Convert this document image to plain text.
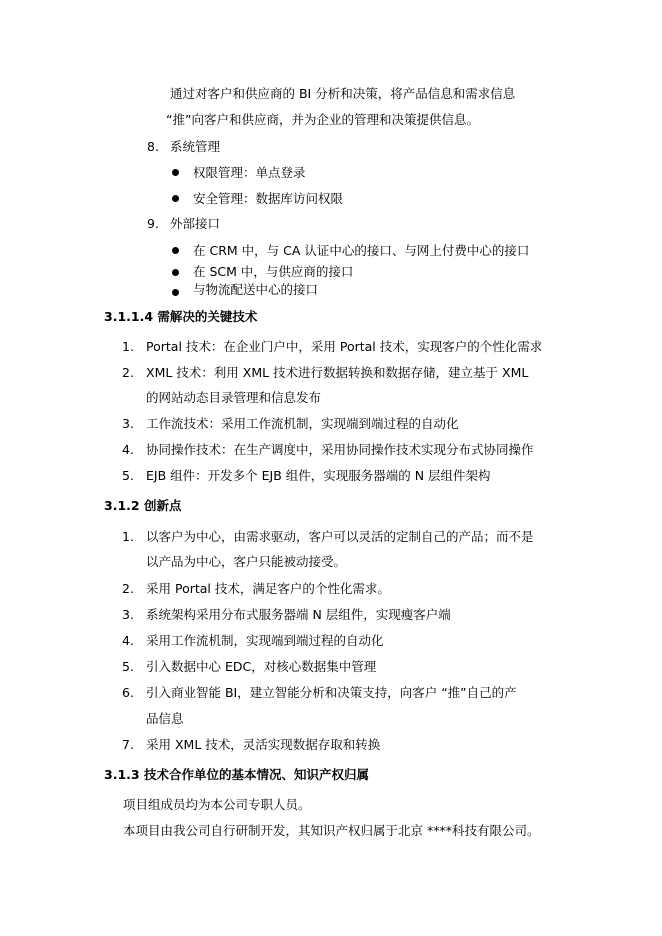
通过对客户和供应商的 BI 分析和决策，将产品信息和需求信息
“推”向客户和供应商，并为企业的管理和决策提供信息。
8. 系统管理
权限管理：单点登录
安全管理：数据库访问权限
9. 外部接口
在 CRM 中，与 CA 认证中心的接口、与网上付费中心的接口
在 SCM 中，与供应商的接口
与物流配送中心的接口
3.1.1.4 需解决的关键技术
1. Portal 技术：在企业门户中，采用 Portal 技术，实现客户的个性化需求
2. XML 技术：利用 XML 技术进行数据转换和数据存储，建立基于 XML
的网站动态目录管理和信息发布
3. 工作流技术：采用工作流机制，实现端到端过程的自动化
4. 协同操作技术：在生产调度中，采用协同操作技术实现分布式协同操作
5. EJB 组件：开发多个 EJB 组件，实现服务器端的 N 层组件架构
3.1.2 创新点
1. 以客户为中心，由需求驱动，客户可以灵活的定制自己的产品；而不是
以产品为中心，客户只能被动接受。
2. 采用 Portal 技术，满足客户的个性化需求。
3. 系统架构采用分布式服务器端 N 层组件，实现瘦客户端
4. 采用工作流机制，实现端到端过程的自动化
5. 引入数据中心 EDC，对核心数据集中管理
6. 引入商业智能 BI，建立智能分析和决策支持，向客户 “推”自己的产
品信息
7. 采用 XML 技术，灵活实现数据存取和转换
3.1.3 技术合作单位的基本情况、知识产权归属
项目组成员均为本公司专职人员。
本项目由我公司自行研制开发，其知识产权归属于北京 ****科技有限公司。
